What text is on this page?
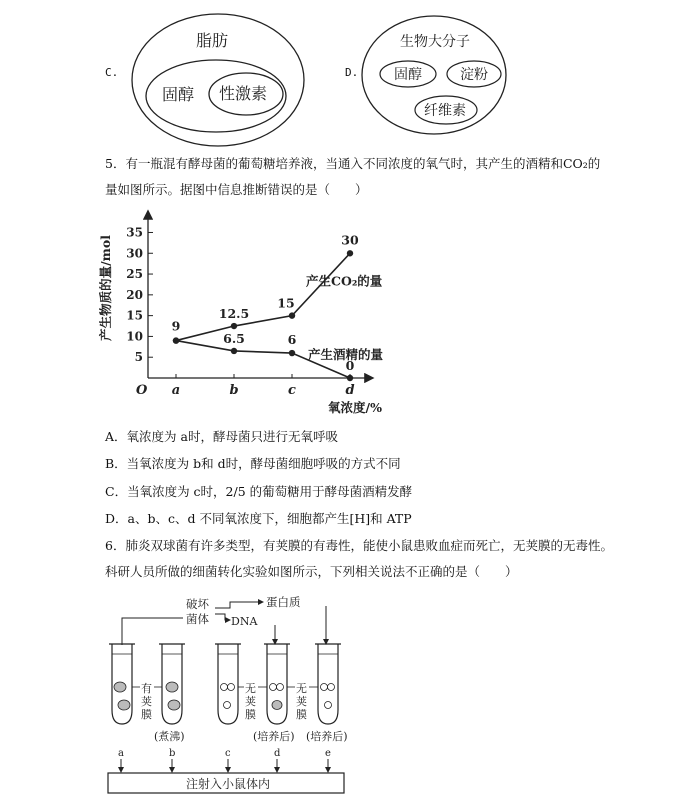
C.
脂肪
固醇 性激素
D.
生物大分子
固醇	淀粉
纤维素
5．有一瓶混有酵母菌的葡萄糖培养液，当通入不同浓度的氧气时，其产生的酒精和CO₂的
量如图所示。据图中信息推断错误的是（　　）
5
10
15
20
25
30
35
a	b	c	d
O
氧浓度/%
产生物质的量/mol	9
12.5
15
30
产生CO₂的量
6.5	6
0
产生酒精的量
A．氧浓度为 a时，酵母菌只进行无氧呼吸
B．当氧浓度为 b和 d时，酵母菌细胞呼吸的方式不同
C．当氧浓度为 c时，2/5 的葡萄糖用于酵母菌酒精发酵
D．a、b、c、d 不同氧浓度下，细胞都产生[H]和 ATP
6．肺炎双球菌有许多类型，有荚膜的有毒性，能使小鼠患败血症而死亡，无荚膜的无毒性。
科研人员所做的细菌转化实验如图所示，下列相关说法不正确的是（　　）
破坏
菌体
蛋白质
DNA
有
荚
膜
无
荚
膜
无
荚
膜
(煮沸)	(培养后) (培养后)
a	b	c	d	e
注射入小鼠体内
